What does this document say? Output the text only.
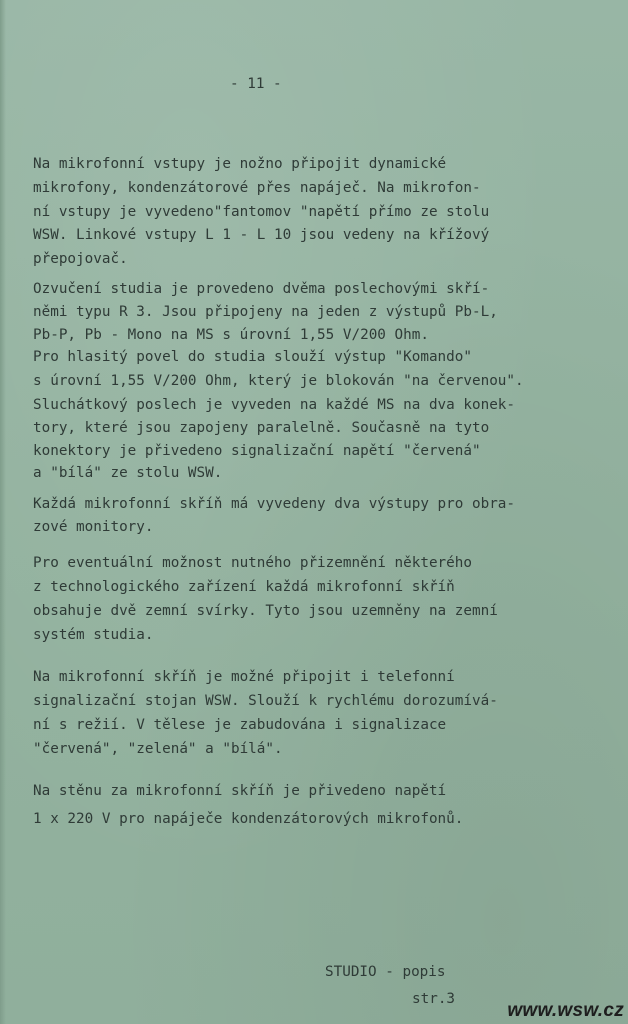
- 11 -
Na mikrofonní vstupy je nožno připojit dynamické
mikrofony, kondenzátorové přes napáječ. Na mikrofon-
ní vstupy je vyvedeno"fantomov "napětí přímo ze stolu
WSW. Linkové vstupy L 1 - L 10 jsou vedeny na křížový
přepojovač.
Ozvučení studia je provedeno dvěma poslechovými skří-
němi typu R 3. Jsou připojeny na jeden z výstupů Pb-L,
Pb-P, Pb - Mono na MS s úrovní 1,55 V/200 Ohm.
Pro hlasitý povel do studia slouží výstup "Komando"
s úrovní 1,55 V/200 Ohm, který je blokován "na červenou".
Sluchátkový poslech je vyveden na každé MS na dva konek-
tory, které jsou zapojeny paralelně. Současně na tyto
konektory je přivedeno signalizační napětí "červená"
a "bílá" ze stolu WSW.
Každá mikrofonní skříň má vyvedeny dva výstupy pro obra-
zové monitory.
Pro eventuální možnost nutného přizemnění některého
z technologického zařízení každá mikrofonní skříň
obsahuje dvě zemní svírky. Tyto jsou uzemněny na zemní
systém studia.
Na mikrofonní skříň je možné připojit i telefonní
signalizační stojan WSW. Slouží k rychlému dorozumívá-
ní s režií. V tělese je zabudována i signalizace
"červená", "zelená" a "bílá".
Na stěnu za mikrofonní skříň je přivedeno napětí
1 x 220 V pro napáječe kondenzátorových mikrofonů.
STUDIO - popis
str.3
www.wsw.cz
